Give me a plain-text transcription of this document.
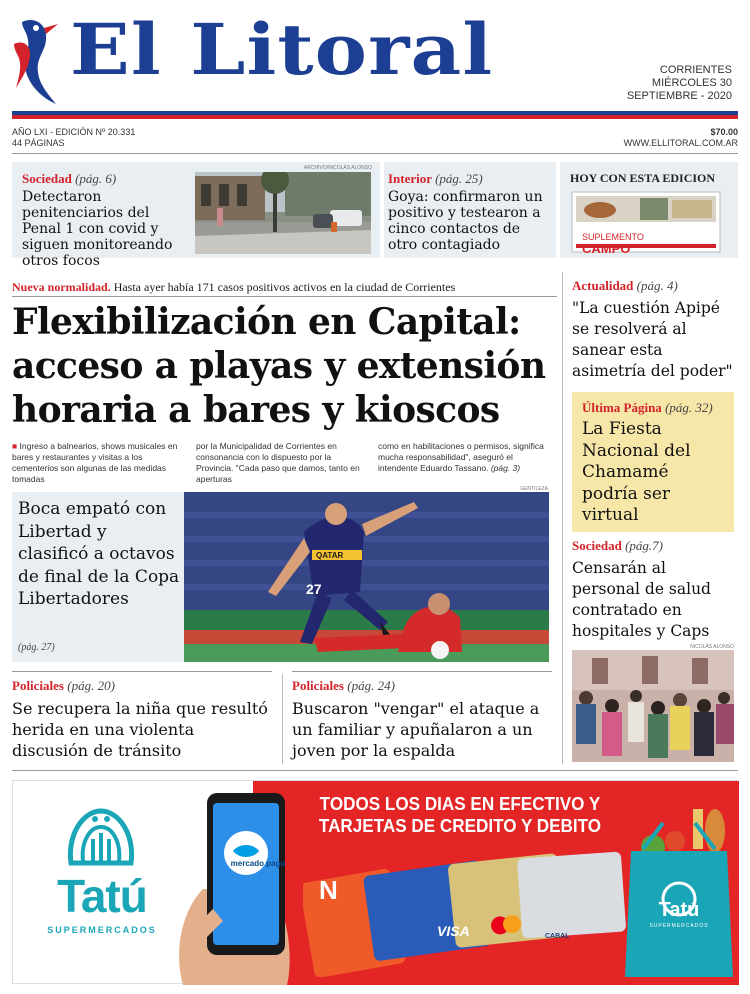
El Litoral	CORRIENTES
MIÉRCOLES 30
SEPTIEMBRE - 2020
AÑO LXI - EDICIÓN Nº 20.331
44 PÁGINAS
$70.00
WWW.ELLITORAL.COM.AR
Sociedad (pág. 6)
Detectaron penitenciarios del Penal 1 con covid y siguen monitoreando otros focos
ARCHIVO/NICOLÁS ALONSO
Interior (pág. 25)
Goya: confirmaron un positivo y testearon a cinco contactos de otro contagiado
HOY CON ESTA EDICION
SUPLEMENTO
CAMPO
Nueva normalidad. Hasta ayer había 171 casos positivos activos en la ciudad de Corrientes
Flexibilización en Capital: acceso a playas y extensión horaria a bares y kioscos
■ Ingreso a balnearios, shows musicales en bares y restaurantes y visitas a los cementerios son algunas de las medidas tomadas
por la Municipalidad de Corrientes en consonancia con lo dispuesto por la Provincia. "Cada paso que damos, tanto en aperturas
como en habilitaciones o permisos, significa mucha responsabilidad", aseguró el intendente Eduardo Tassano. (pág. 3)
Boca empató con Libertad y clasificó a octavos de final de la Copa Libertadores
(pág. 27)
27
QATAR
GENTILEZA
Policiales (pág. 20)
Se recupera la niña que resultó herida en una violenta discusión de tránsito
Policiales (pág. 24)
Buscaron "vengar" el ataque a un familiar y apuñalaron a un joven por la espalda
Actualidad (pág. 4)
"La cuestión Apipé se resolverá al sanear esta asimetría del poder"
Última Página (pág. 32)
La Fiesta Nacional del Chamamé podría ser virtual
Sociedad (pág.7)
Censarán al personal de salud contratado en hospitales y Caps
NICOLÁS ALONSO
Tatú
SUPERMERCADOS
TODOS LOS DIAS EN EFECTIVO Y
TARJETAS DE CREDITO Y DEBITO
mercado pago
N
VISA	CABAL
Tatú
SUPERMERCADOS
